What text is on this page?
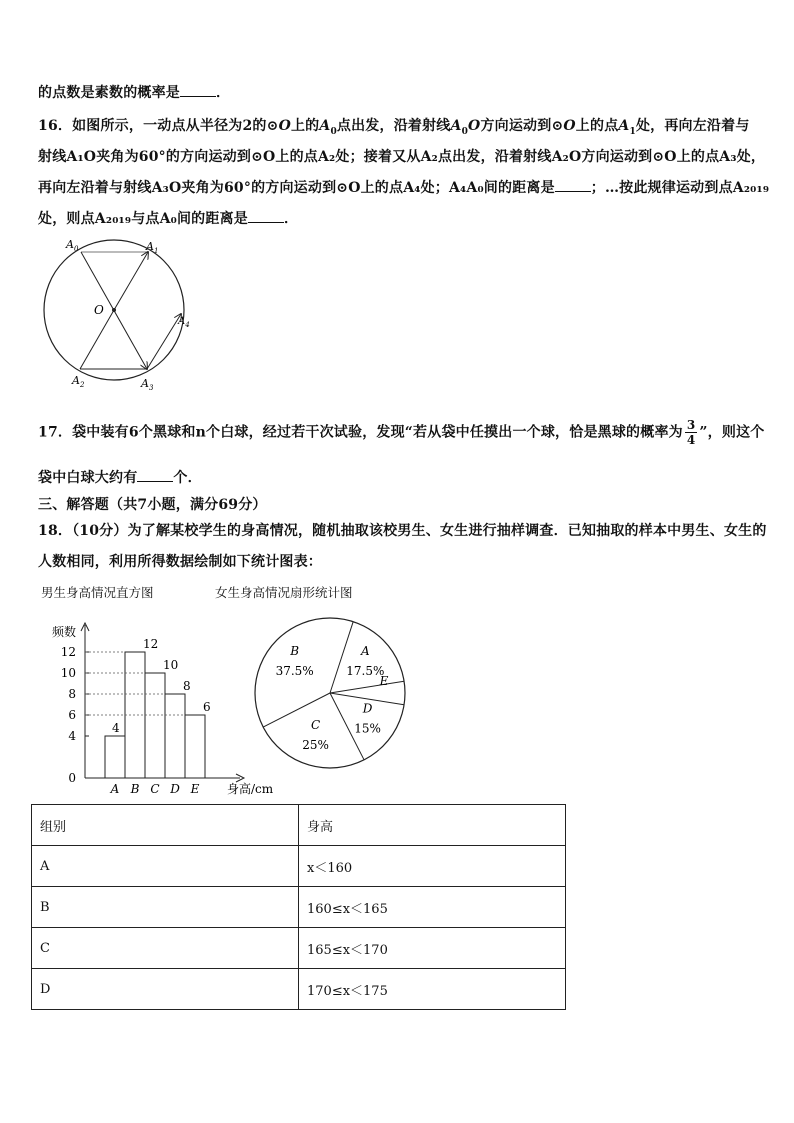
的点数是素数的概率是	．
16．如图所示，一动点从半径为2的⊙O上的$A_0$点出发，沿着射线$A_0O$方向运动到⊙O上的点$A_1$处，再向左沿着与
射线A₁O夹角为60°的方向运动到⊙O上的点A₂处；接着又从A₂点出发，沿着射线A₂O方向运动到⊙O上的点A₃处，
再向左沿着与射线A₃O夹角为60°的方向运动到⊙O上的点A₄处；A₄A₀间的距离是	；…按此规律运动到点A₂₀₁₉
处，则点A₂₀₁₉与点A₀间的距离是	．
O
$A_0$	$A_1$
$A_2$	$A_3$
$A_4$
17．袋中装有6个黑球和n个白球，经过若干次试验，发现“若从袋中任摸出一个球，恰是黑球的概率为 $\frac{3}{4}$ ”，则这个
袋中白球大约有	个．
三、解答题（共7小题，满分69分）
18．（10分）为了解某校学生的身高情况，随机抽取该校男生、女生进行抽样调查．已知抽取的样本中男生、女生的
人数相同，利用所得数据绘制如下统计图表：
男生身高情况直方图	女生身高情况扇形统计图
频数
身高/cm
0
4
6
8
10
12
4
A
12
B
10
C
8
D
6
E
A
17.5%
E
D
15%
C
25%
B
37.5%
组别	身高
A	x＜160
B	160≤x＜165
C	165≤x＜170
D	170≤x＜175
